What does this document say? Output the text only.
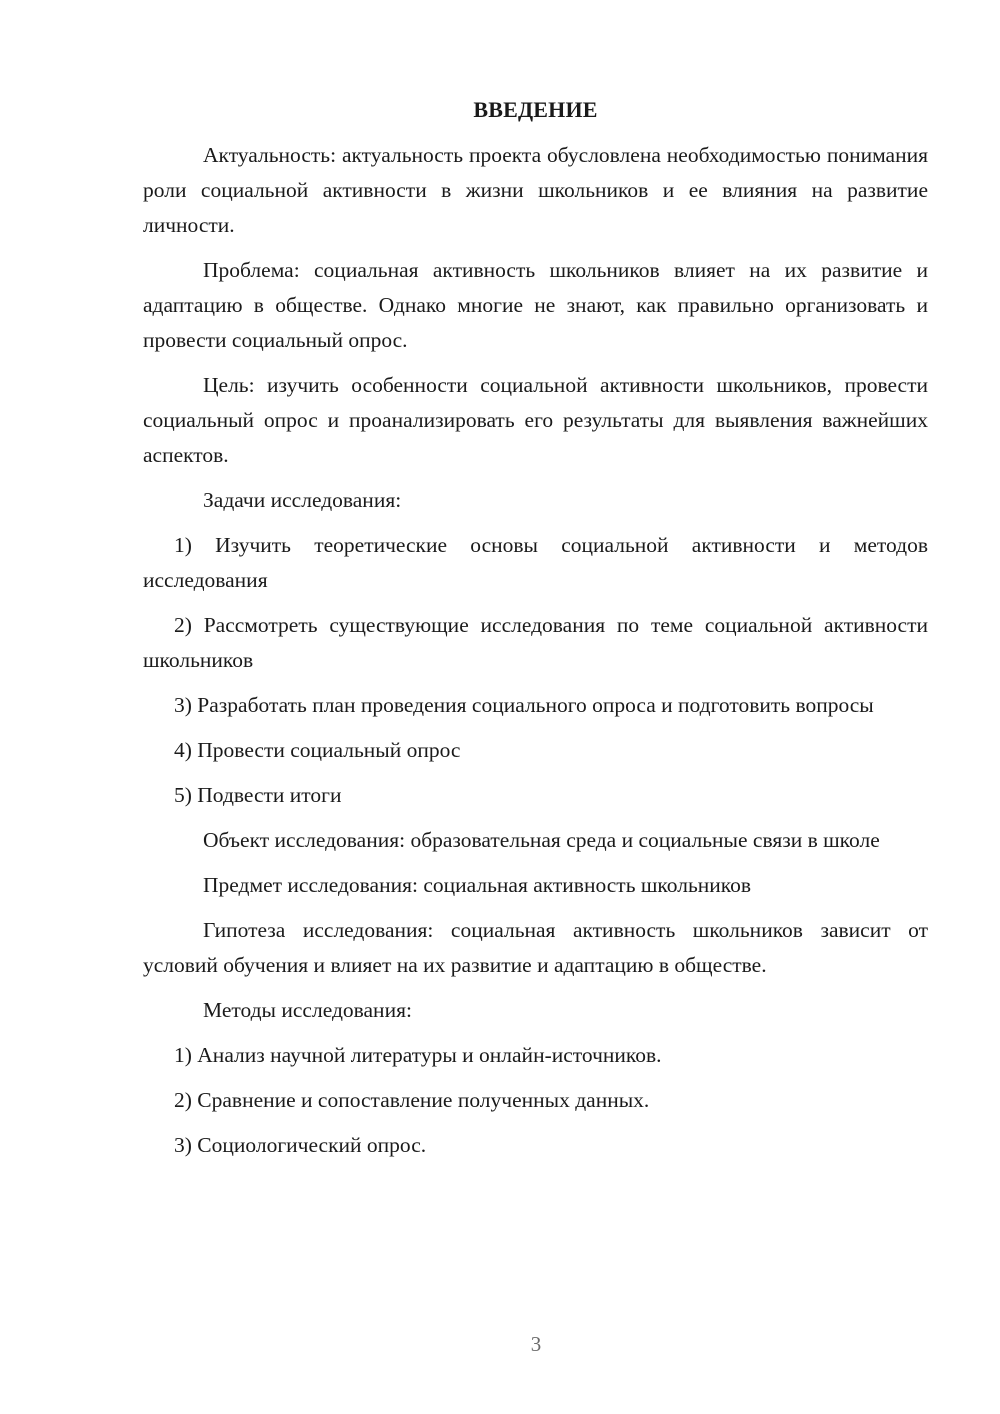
ВВЕДЕНИЕ

Актуальность: актуальность проекта обусловлена необходимостью понимания роли социальной активности в жизни школьников и ее влияния на развитие личности.

Проблема: социальная активность школьников влияет на их развитие и адаптацию в обществе. Однако многие не знают, как правильно организовать и провести социальный опрос.

Цель: изучить особенности социальной активности школьников, провести социальный опрос и проанализировать его результаты для выявления важнейших аспектов.

Задачи исследования:

1) Изучить теоретические основы социальной активности и методов исследования

2) Рассмотреть существующие исследования по теме социальной активности школьников

3) Разработать план проведения социального опроса и подготовить вопросы

4) Провести социальный опрос

5) Подвести итоги

Объект исследования: образовательная среда и социальные связи в школе

Предмет исследования: социальная активность школьников

Гипотеза исследования: социальная активность школьников зависит от условий обучения и влияет на их развитие и адаптацию в обществе.

Методы исследования:

1) Анализ научной литературы и онлайн-источников.

2) Сравнение и сопоставление полученных данных.

3) Социологический опрос.

3
